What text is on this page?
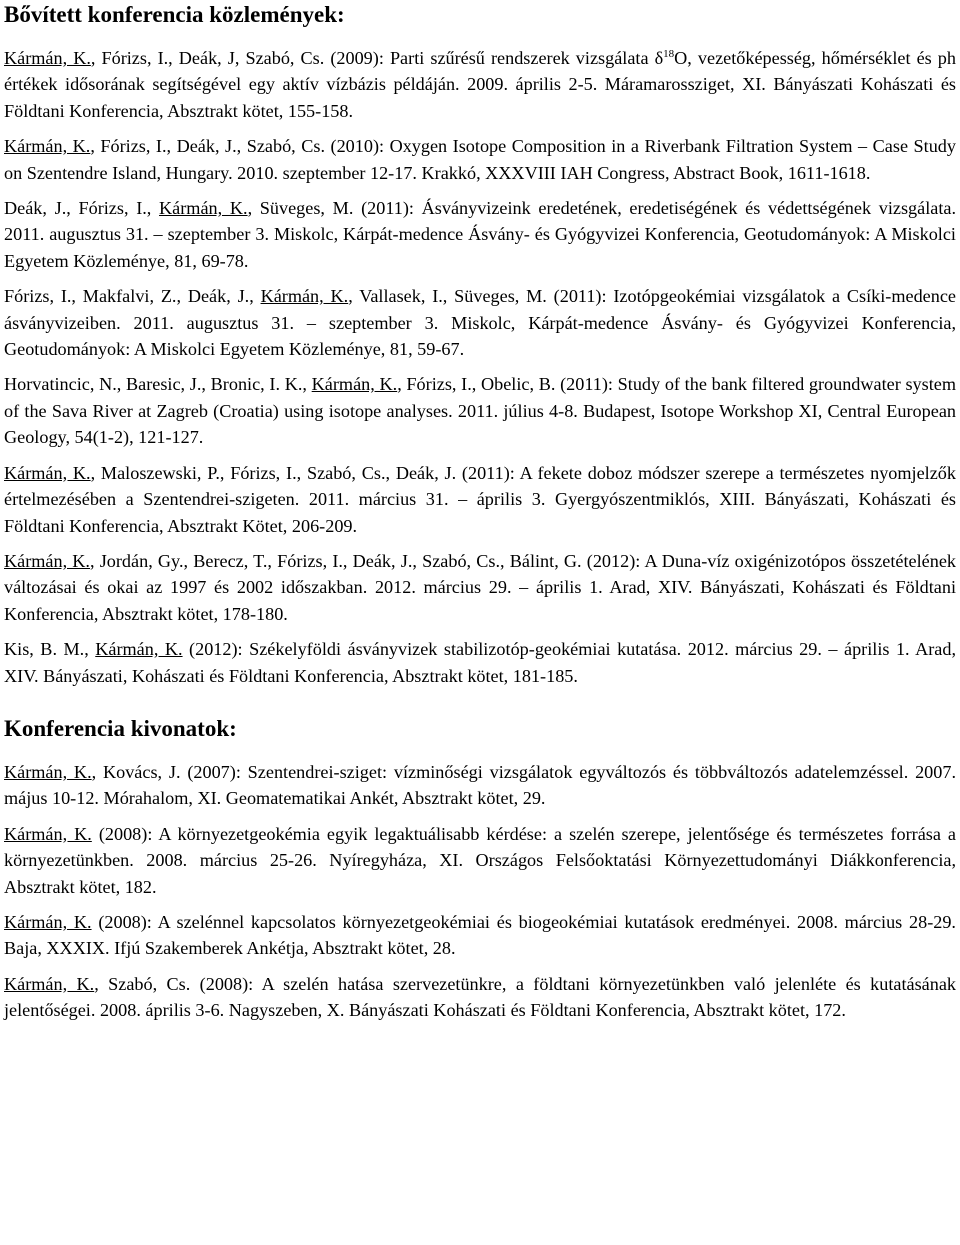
Bővített konferencia közlemények:

Kármán, K., Fórizs, I., Deák, J, Szabó, Cs. (2009): Parti szűrésű rendszerek vizsgálata $\delta^{18}O$, vezetőképesség, hőmérséklet és ph értékek idősorának segítségével egy aktív vízbázis példáján. 2009. április 2-5. Máramarossziget, XI. Bányászati Kohászati és Földtani Konferencia, Absztrakt kötet, 155-158.

Kármán, K., Fórizs, I., Deák, J., Szabó, Cs. (2010): Oxygen Isotope Composition in a Riverbank Filtration System – Case Study on Szentendre Island, Hungary. 2010. szeptember 12-17. Krakkó, XXXVIII IAH Congress, Abstract Book, 1611-1618.

Deák, J., Fórizs, I., Kármán, K., Süveges, M. (2011): Ásványvizeink eredetének, eredetiségének és védettségének vizsgálata. 2011. augusztus 31. – szeptember 3. Miskolc, Kárpát-medence Ásvány- és Gyógyvizei Konferencia, Geotudományok: A Miskolci Egyetem Közleménye, 81, 69-78.

Fórizs, I., Makfalvi, Z., Deák, J., Kármán, K., Vallasek, I., Süveges, M. (2011): Izotópgeokémiai vizsgálatok a Csíki-medence ásványvizeiben. 2011. augusztus 31. – szeptember 3. Miskolc, Kárpát-medence Ásvány- és Gyógyvizei Konferencia, Geotudományok: A Miskolci Egyetem Közleménye, 81, 59-67.

Horvatincic, N., Baresic, J., Bronic, I. K., Kármán, K., Fórizs, I., Obelic, B. (2011): Study of the bank filtered groundwater system of the Sava River at Zagreb (Croatia) using isotope analyses. 2011. július 4-8. Budapest, Isotope Workshop XI, Central European Geology, 54(1-2), 121-127.

Kármán, K., Maloszewski, P., Fórizs, I., Szabó, Cs., Deák, J. (2011): A fekete doboz módszer szerepe a természetes nyomjelzők értelmezésében a Szentendrei-szigeten. 2011. március 31. – április 3. Gyergyószentmiklós, XIII. Bányászati, Kohászati és Földtani Konferencia, Absztrakt Kötet, 206-209.

Kármán, K., Jordán, Gy., Berecz, T., Fórizs, I., Deák, J., Szabó, Cs., Bálint, G. (2012): A Duna-víz oxigénizotópos összetételének változásai és okai az 1997 és 2002 időszakban. 2012. március 29. – április 1. Arad, XIV. Bányászati, Kohászati és Földtani Konferencia, Absztrakt kötet, 178-180.

Kis, B. M., Kármán, K. (2012): Székelyföldi ásványvizek stabilizotóp-geokémiai kutatása. 2012. március 29. – április 1. Arad, XIV. Bányászati, Kohászati és Földtani Konferencia, Absztrakt kötet, 181-185.

Konferencia kivonatok:

Kármán, K., Kovács, J. (2007): Szentendrei-sziget: vízminőségi vizsgálatok egyváltozós és többváltozós adatelemzéssel. 2007. május 10-12. Mórahalom, XI. Geomatematikai Ankét, Absztrakt kötet, 29.

Kármán, K. (2008): A környezetgeokémia egyik legaktuálisabb kérdése: a szelén szerepe, jelentősége és természetes forrása a környezetünkben. 2008. március 25-26. Nyíregyháza, XI. Országos Felsőoktatási Környezettudományi Diákkonferencia, Absztrakt kötet, 182.

Kármán, K. (2008): A szelénnel kapcsolatos környezetgeokémiai és biogeokémiai kutatások eredményei. 2008. március 28-29. Baja, XXXIX. Ifjú Szakemberek Ankétja, Absztrakt kötet, 28.

Kármán, K., Szabó, Cs. (2008): A szelén hatása szervezetünkre, a földtani környezetünkben való jelenléte és kutatásának jelentőségei. 2008. április 3-6. Nagyszeben, X. Bányászati Kohászati és Földtani Konferencia, Absztrakt kötet, 172.
